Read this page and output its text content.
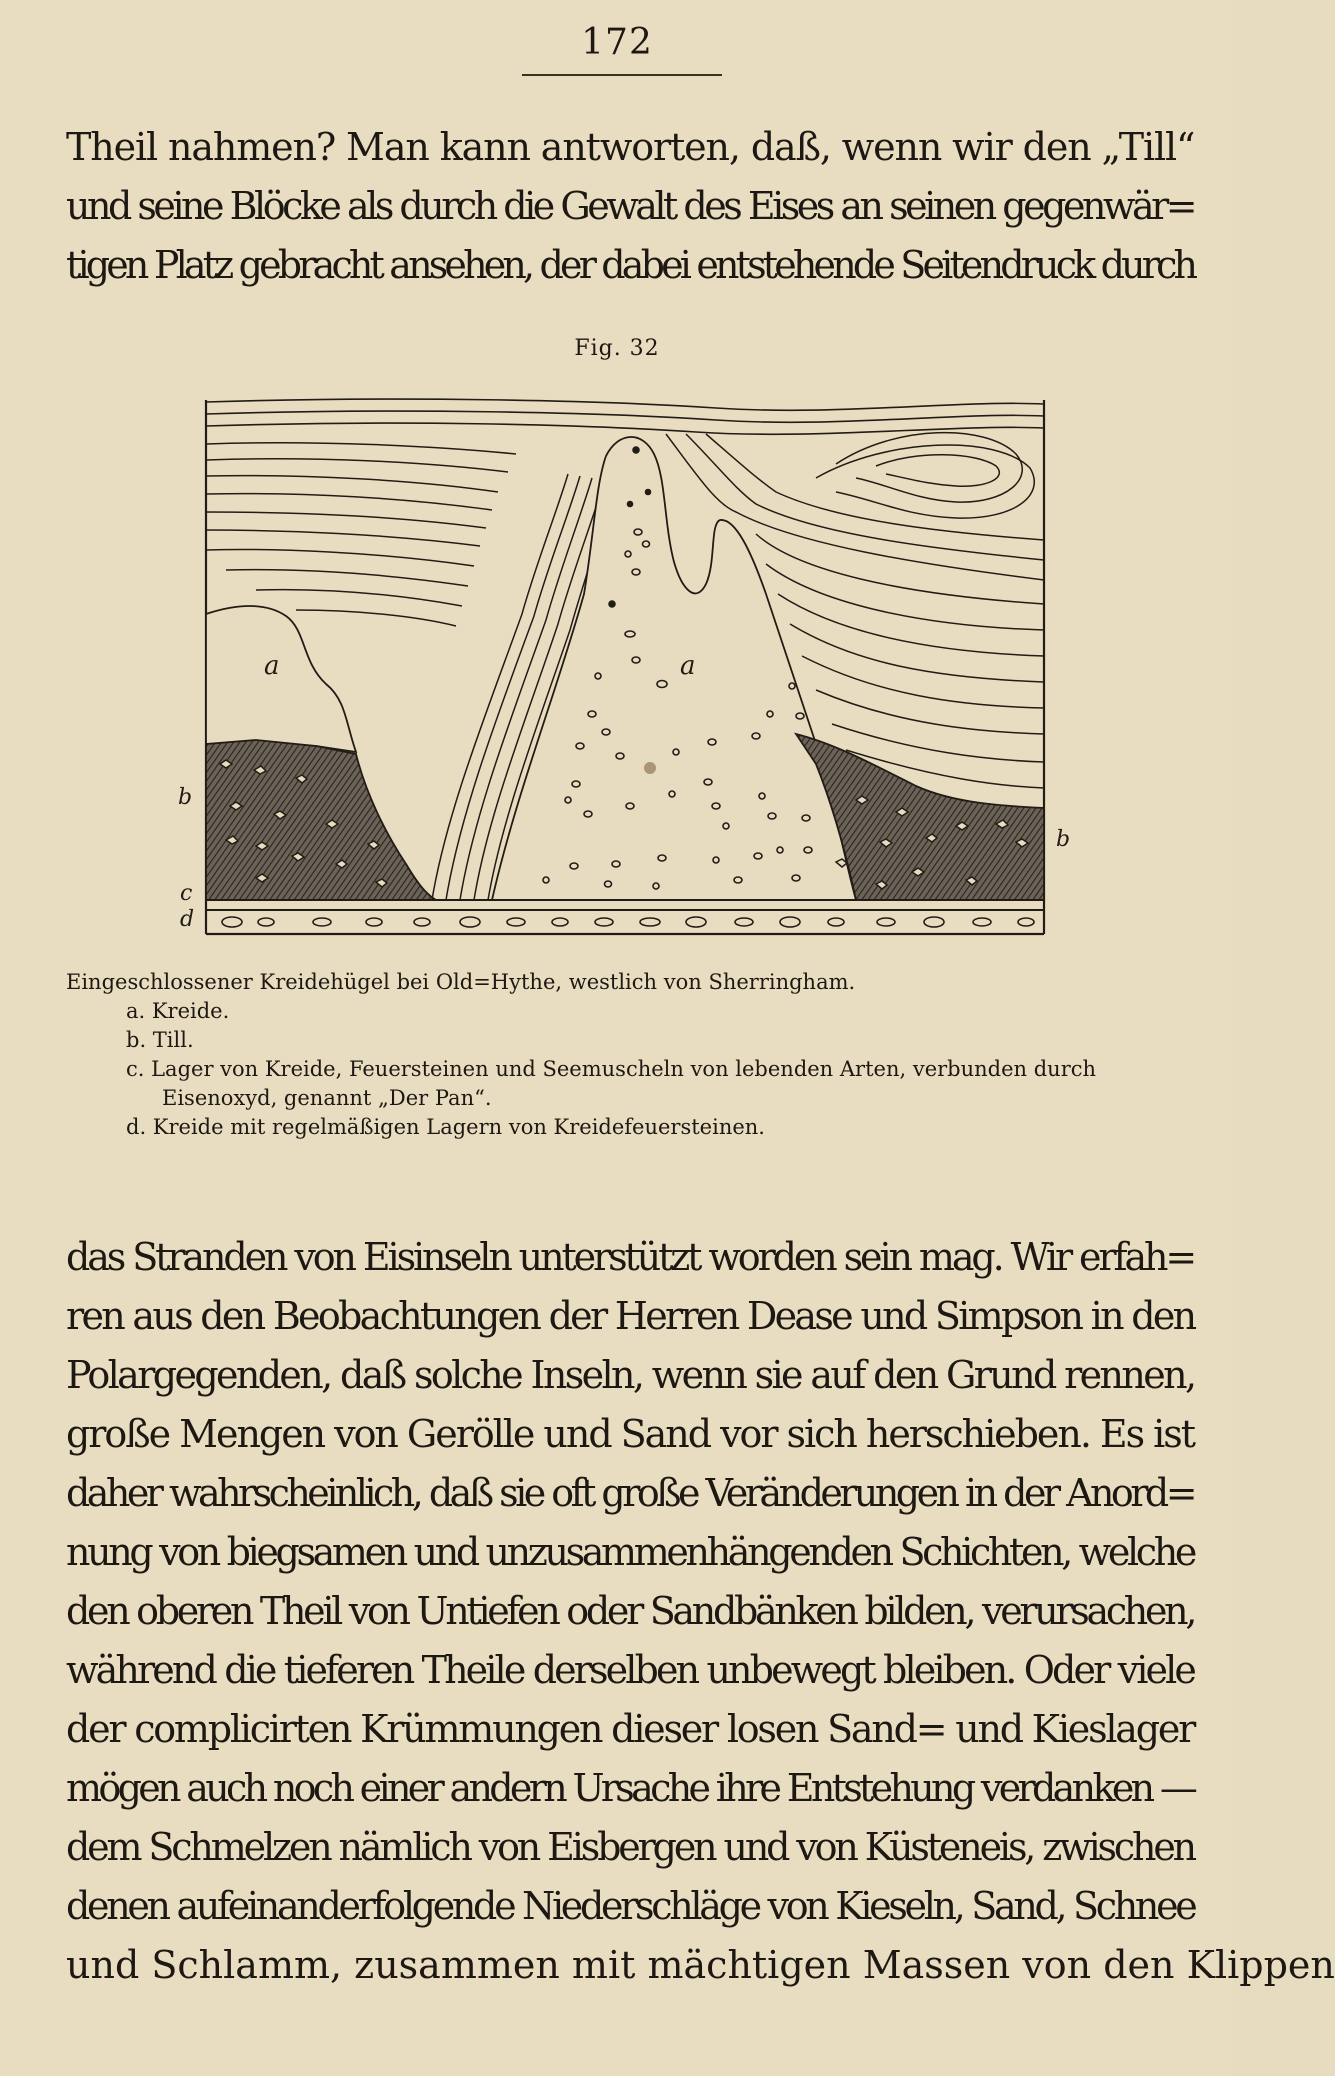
172

Theil nahmen? Man kann antworten, daß, wenn wir den „Till“
und seine Blöcke als durch die Gewalt des Eises an seinen gegenwär=
tigen Platz gebracht ansehen, der dabei entstehende Seitendruck durch

Fig. 32
a	a
b
b
c
d
Eingeschlossener Kreidehügel bei Old=Hythe, westlich von Sherringham.
a. Kreide.
b. Till.
c. Lager von Kreide, Feuersteinen und Seemuscheln von lebenden Arten, verbunden durch
Eisenoxyd, genannt „Der Pan“.
d. Kreide mit regelmäßigen Lagern von Kreidefeuersteinen.

das Stranden von Eisinseln unterstützt worden sein mag. Wir erfah=
ren aus den Beobachtungen der Herren Dease und Simpson in den
Polargegenden, daß solche Inseln, wenn sie auf den Grund rennen,
große Mengen von Gerölle und Sand vor sich herschieben. Es ist
daher wahrscheinlich, daß sie oft große Veränderungen in der Anord=
nung von biegsamen und unzusammenhängenden Schichten, welche
den oberen Theil von Untiefen oder Sandbänken bilden, verursachen,
während die tieferen Theile derselben unbewegt bleiben. Oder viele
der complicirten Krümmungen dieser losen Sand= und Kieslager
mögen auch noch einer andern Ursache ihre Entstehung verdanken —
dem Schmelzen nämlich von Eisbergen und von Küsteneis, zwischen
denen aufeinanderfolgende Niederschläge von Kieseln, Sand, Schnee
und Schlamm, zusammen mit mächtigen Massen von den Klippen
